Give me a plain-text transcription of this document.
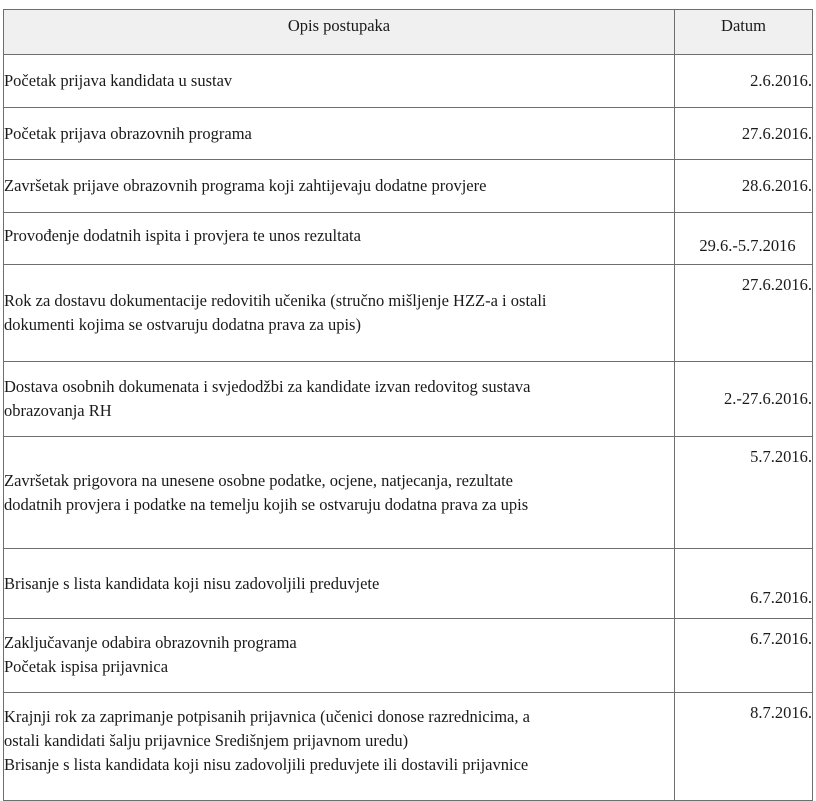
Opis postupaka	Datum

Početak prijava kandidata u sustav	2.6.2016.

Početak prijava obrazovnih programa	27.6.2016.

Završetak prijave obrazovnih programa koji zahtijevaju dodatne provjere	28.6.2016.

Provođenje dodatnih ispita i provjera te unos rezultata	29.6.-5.7.2016

Rok za dostavu dokumentacije redovitih učenika (stručno mišljenje HZZ-a i ostali
dokumenti kojima se ostvaruju dodatna prava za upis)	27.6.2016.

Dostava osobnih dokumenata i svjedodžbi za kandidate izvan redovitog sustava
obrazovanja RH	2.-27.6.2016.

Završetak prigovora na unesene osobne podatke, ocjene, natjecanja, rezultate
dodatnih provjera i podatke na temelju kojih se ostvaruju dodatna prava za upis	5.7.2016.

Brisanje s lista kandidata koji nisu zadovoljili preduvjete	6.7.2016.

Zaključavanje odabira obrazovnih programa
Početak ispisa prijavnica	6.7.2016.

Krajnji rok za zaprimanje potpisanih prijavnica (učenici donose razrednicima, a
ostali kandidati šalju prijavnice Središnjem prijavnom uredu)
Brisanje s lista kandidata koji nisu zadovoljili preduvjete ili dostavili prijavnice	8.7.2016.
